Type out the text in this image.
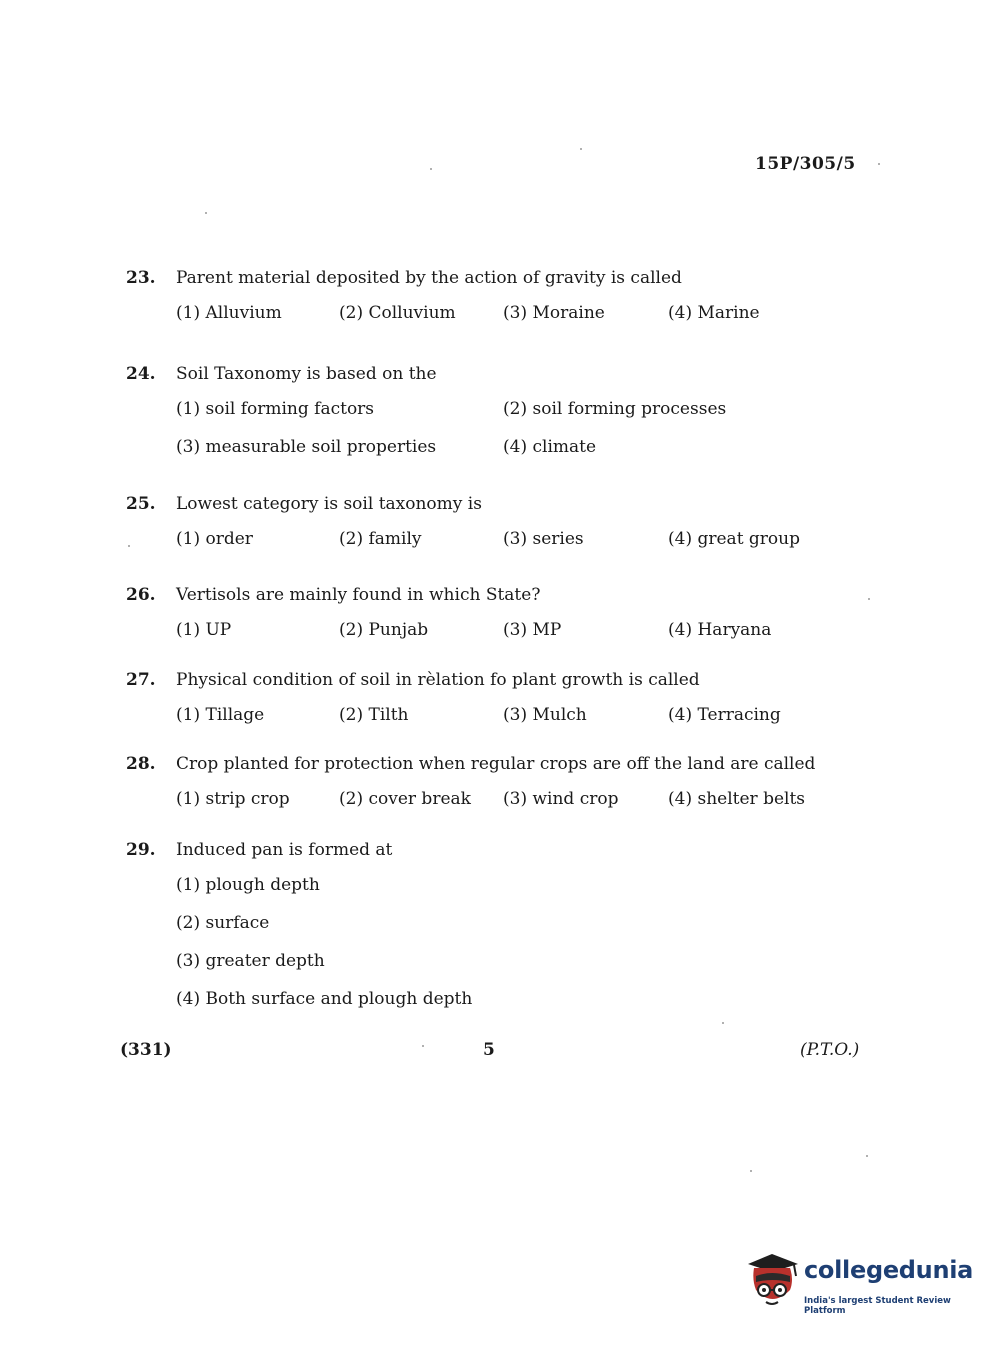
15P/305/5
23. Parent material deposited by the action of gravity is called
(1) Alluvium	(2) Colluvium	(3) Moraine	(4) Marine
24. Soil Taxonomy is based on the
(1) soil forming factors	(2) soil forming processes
(3) measurable soil properties	(4) climate
25. Lowest category is soil taxonomy is
(1) order	(2) family	(3) series	(4) great group
26. Vertisols are mainly found in which State?
(1) UP	(2) Punjab	(3) MP	(4) Haryana
27. Physical condition of soil in rèlation fo plant growth is called
(1) Tillage	(2) Tilth	(3) Mulch	(4) Terracing
28. Crop planted for protection when regular crops are off the land are called
(1) strip crop	(2) cover break (3) wind crop	(4) shelter belts
29. Induced pan is formed at
(1) plough depth
(2) surface
(3) greater depth
(4) Both surface and plough depth
(331)	5	(P.T.O.)
collegedunia
India's largest Student Review Platform
